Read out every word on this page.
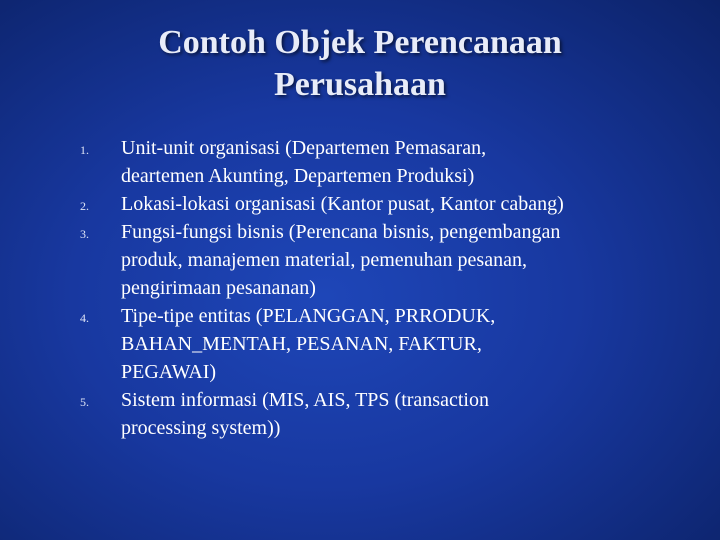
Contoh Objek Perencanaan
Perusahaan
1.	Unit-unit organisasi (Departemen Pemasaran,
deartemen Akunting, Departemen Produksi)
2.	Lokasi-lokasi organisasi (Kantor pusat, Kantor cabang)
3.	Fungsi-fungsi bisnis (Perencana bisnis, pengembangan
produk, manajemen material, pemenuhan pesanan,
pengirimaan pesananan)
4.	Tipe-tipe entitas (PELANGGAN, PRRODUK,
BAHAN_MENTAH, PESANAN, FAKTUR,
PEGAWAI)
5.	Sistem informasi (MIS, AIS, TPS (transaction
processing system))
